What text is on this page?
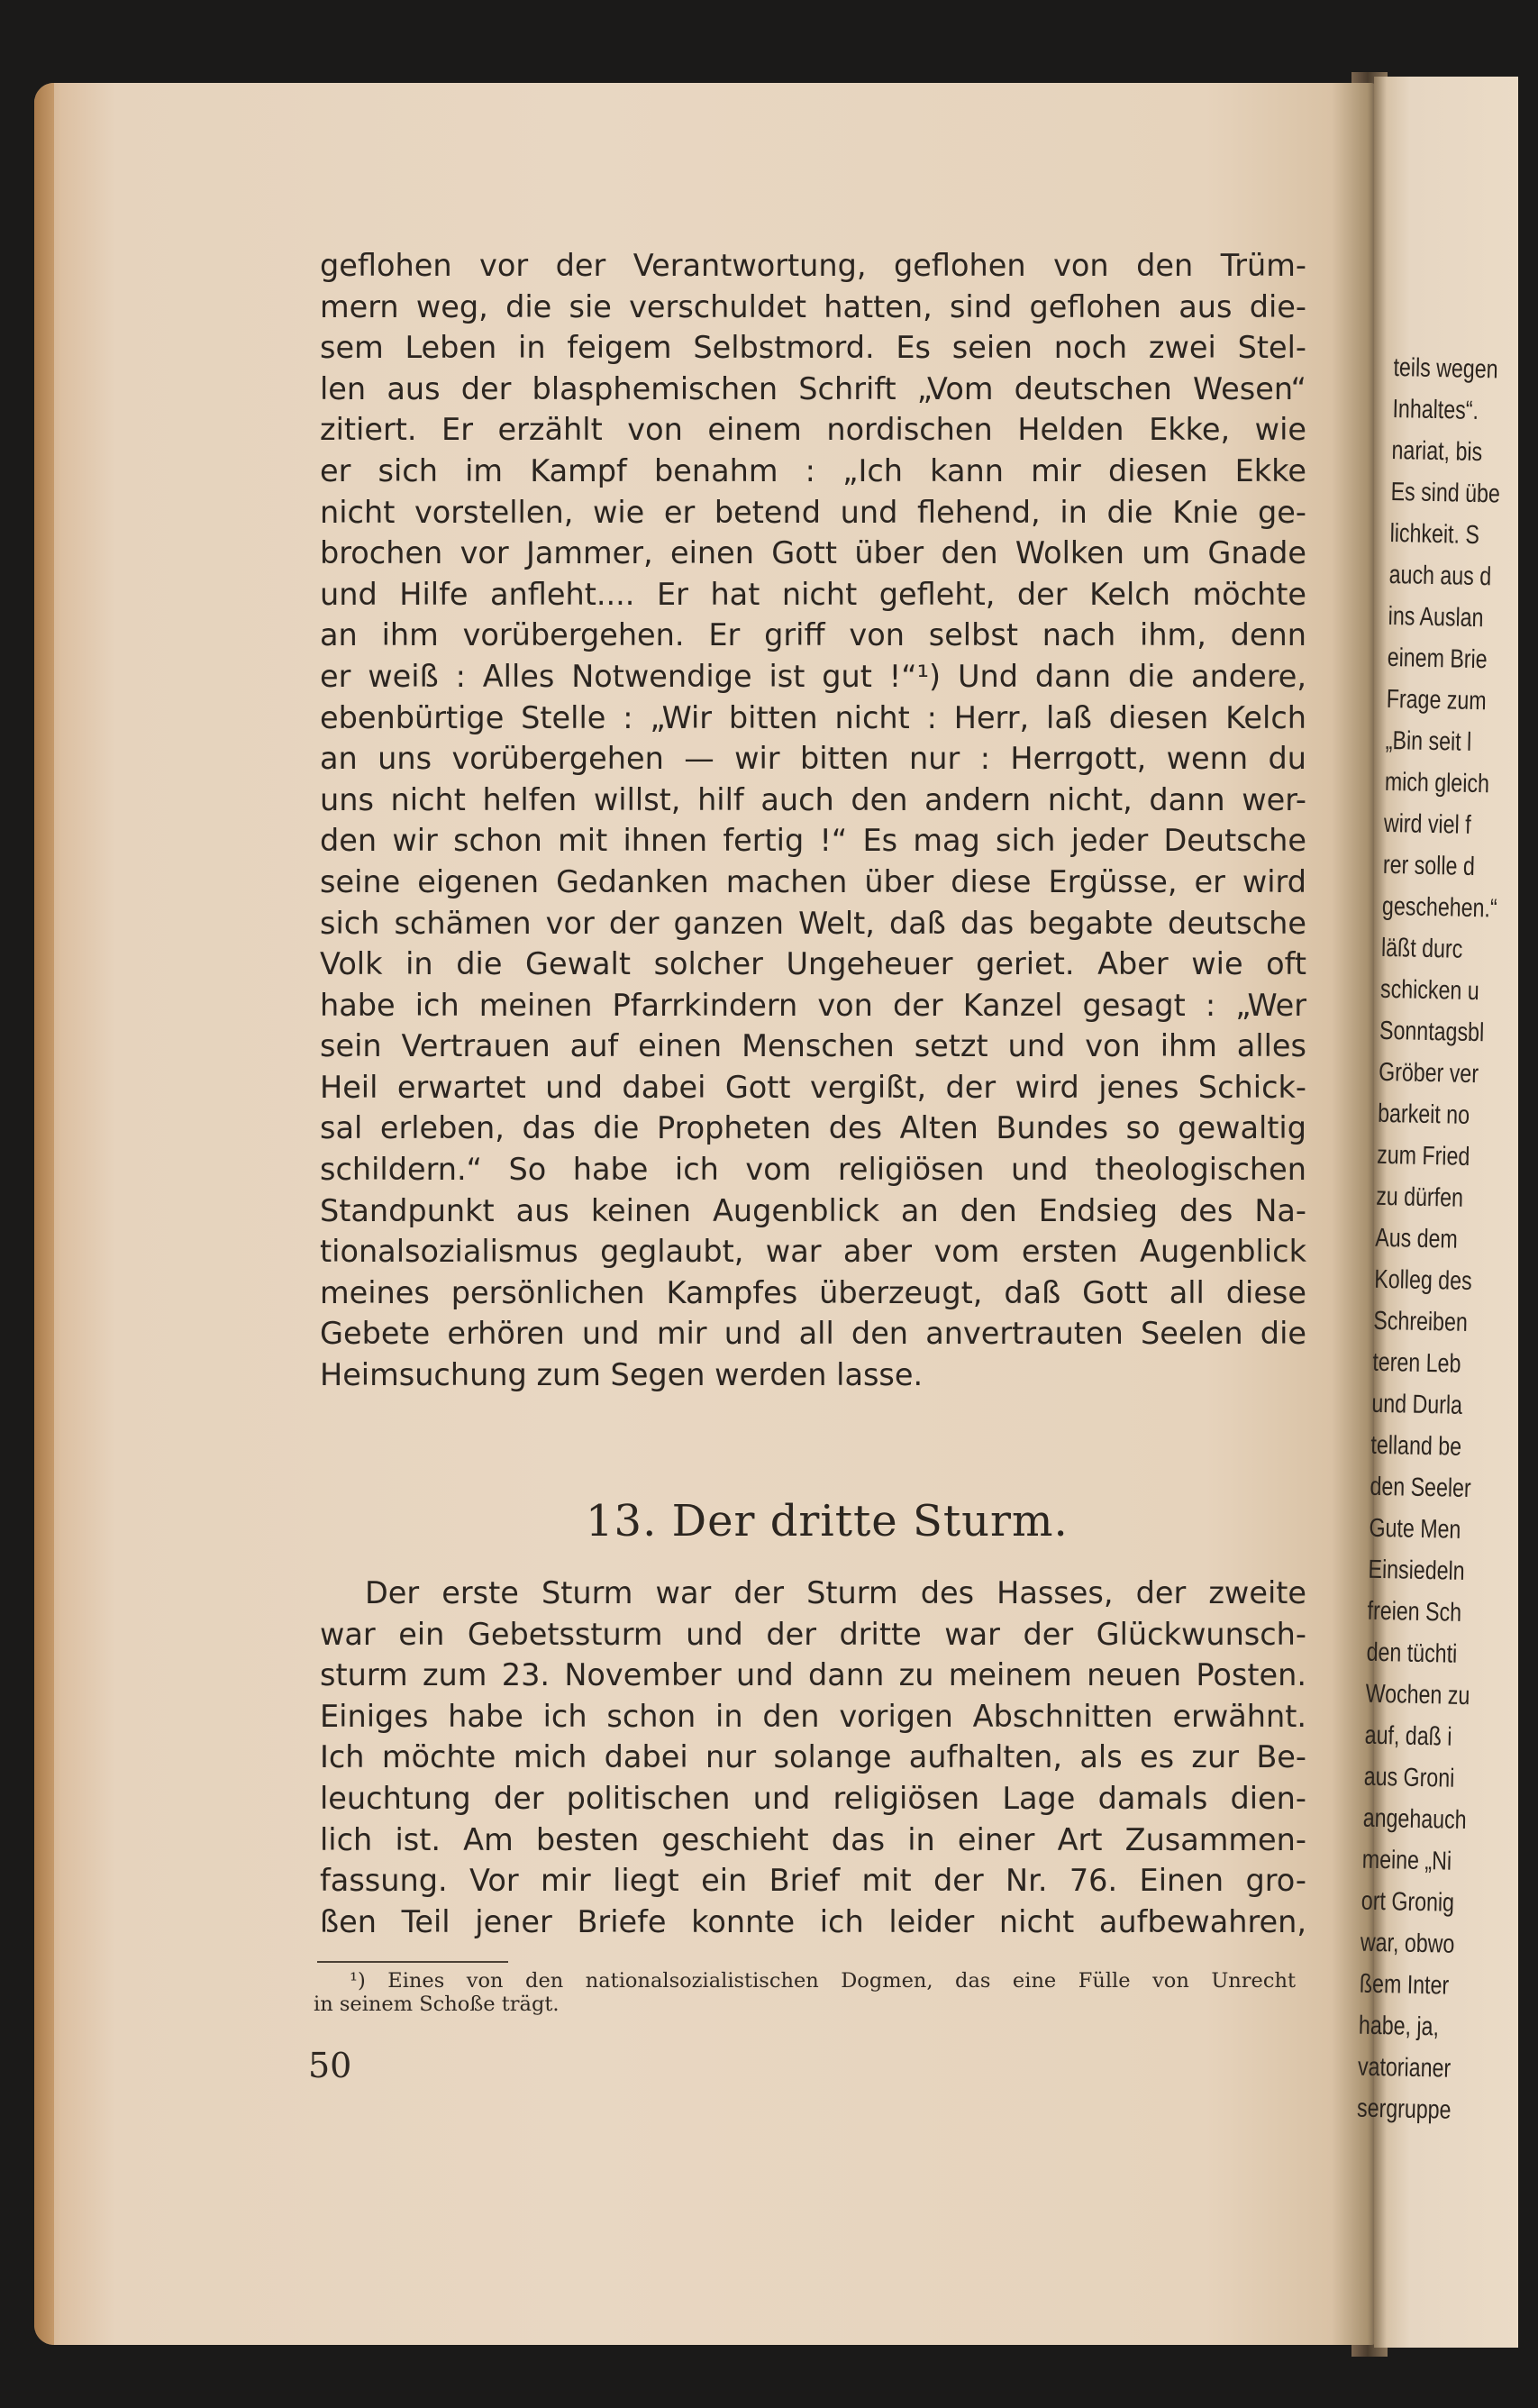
geflohen vor der Verantwortung, geflohen von den Trüm-
mern weg, die sie verschuldet hatten, sind geflohen aus die-
sem Leben in feigem Selbstmord. Es seien noch zwei Stel-
len aus der blasphemischen Schrift „Vom deutschen Wesen“
zitiert. Er erzählt von einem nordischen Helden Ekke, wie
er sich im Kampf benahm : „Ich kann mir diesen Ekke
nicht vorstellen, wie er betend und flehend, in die Knie ge-
brochen vor Jammer, einen Gott über den Wolken um Gnade
und Hilfe anfleht.... Er hat nicht gefleht, der Kelch möchte
an ihm vorübergehen. Er griff von selbst nach ihm, denn
er weiß : Alles Notwendige ist gut !“¹) Und dann die andere,
ebenbürtige Stelle : „Wir bitten nicht : Herr, laß diesen Kelch
an uns vorübergehen — wir bitten nur : Herrgott, wenn du
uns nicht helfen willst, hilf auch den andern nicht, dann wer-
den wir schon mit ihnen fertig !“ Es mag sich jeder Deutsche
seine eigenen Gedanken machen über diese Ergüsse, er wird
sich schämen vor der ganzen Welt, daß das begabte deutsche
Volk in die Gewalt solcher Ungeheuer geriet. Aber wie oft
habe ich meinen Pfarrkindern von der Kanzel gesagt : „Wer
sein Vertrauen auf einen Menschen setzt und von ihm alles
Heil erwartet und dabei Gott vergißt, der wird jenes Schick-
sal erleben, das die Propheten des Alten Bundes so gewaltig
schildern.“ So habe ich vom religiösen und theologischen
Standpunkt aus keinen Augenblick an den Endsieg des Na-
tionalsozialismus geglaubt, war aber vom ersten Augenblick
meines persönlichen Kampfes überzeugt, daß Gott all diese
Gebete erhören und mir und all den anvertrauten Seelen die
Heimsuchung zum Segen werden lasse.
13. Der dritte Sturm.
Der erste Sturm war der Sturm des Hasses, der zweite
war ein Gebetssturm und der dritte war der Glückwunsch-
sturm zum 23. November und dann zu meinem neuen Posten.
Einiges habe ich schon in den vorigen Abschnitten erwähnt.
Ich möchte mich dabei nur solange aufhalten, als es zur Be-
leuchtung der politischen und religiösen Lage damals dien-
lich ist. Am besten geschieht das in einer Art Zusammen-
fassung. Vor mir liegt ein Brief mit der Nr. 76. Einen gro-
ßen Teil jener Briefe konnte ich leider nicht aufbewahren,
¹) Eines von den nationalsozialistischen Dogmen, das eine Fülle von Unrecht
in seinem Schoße trägt.
50
teils wegen
Inhaltes“.
nariat, bis
Es sind übe
lichkeit. S
auch aus d
ins Auslan
einem Brie
Frage zum
„Bin seit l
mich gleich
wird viel f
rer solle d
geschehen.“
läßt durc
schicken u
Sonntagsbl
Gröber ver
barkeit no
zum Fried
zu dürfen
Aus dem
Kolleg des
Schreiben
teren Leb
und Durla
telland be
den Seeler
Gute Men
Einsiedeln
freien Sch
den tüchti
Wochen zu
auf, daß i
aus Groni
angehauch
meine „Ni
ort Gronig
war, obwo
ßem Inter
habe, ja,
vatorianer
sergruppe
